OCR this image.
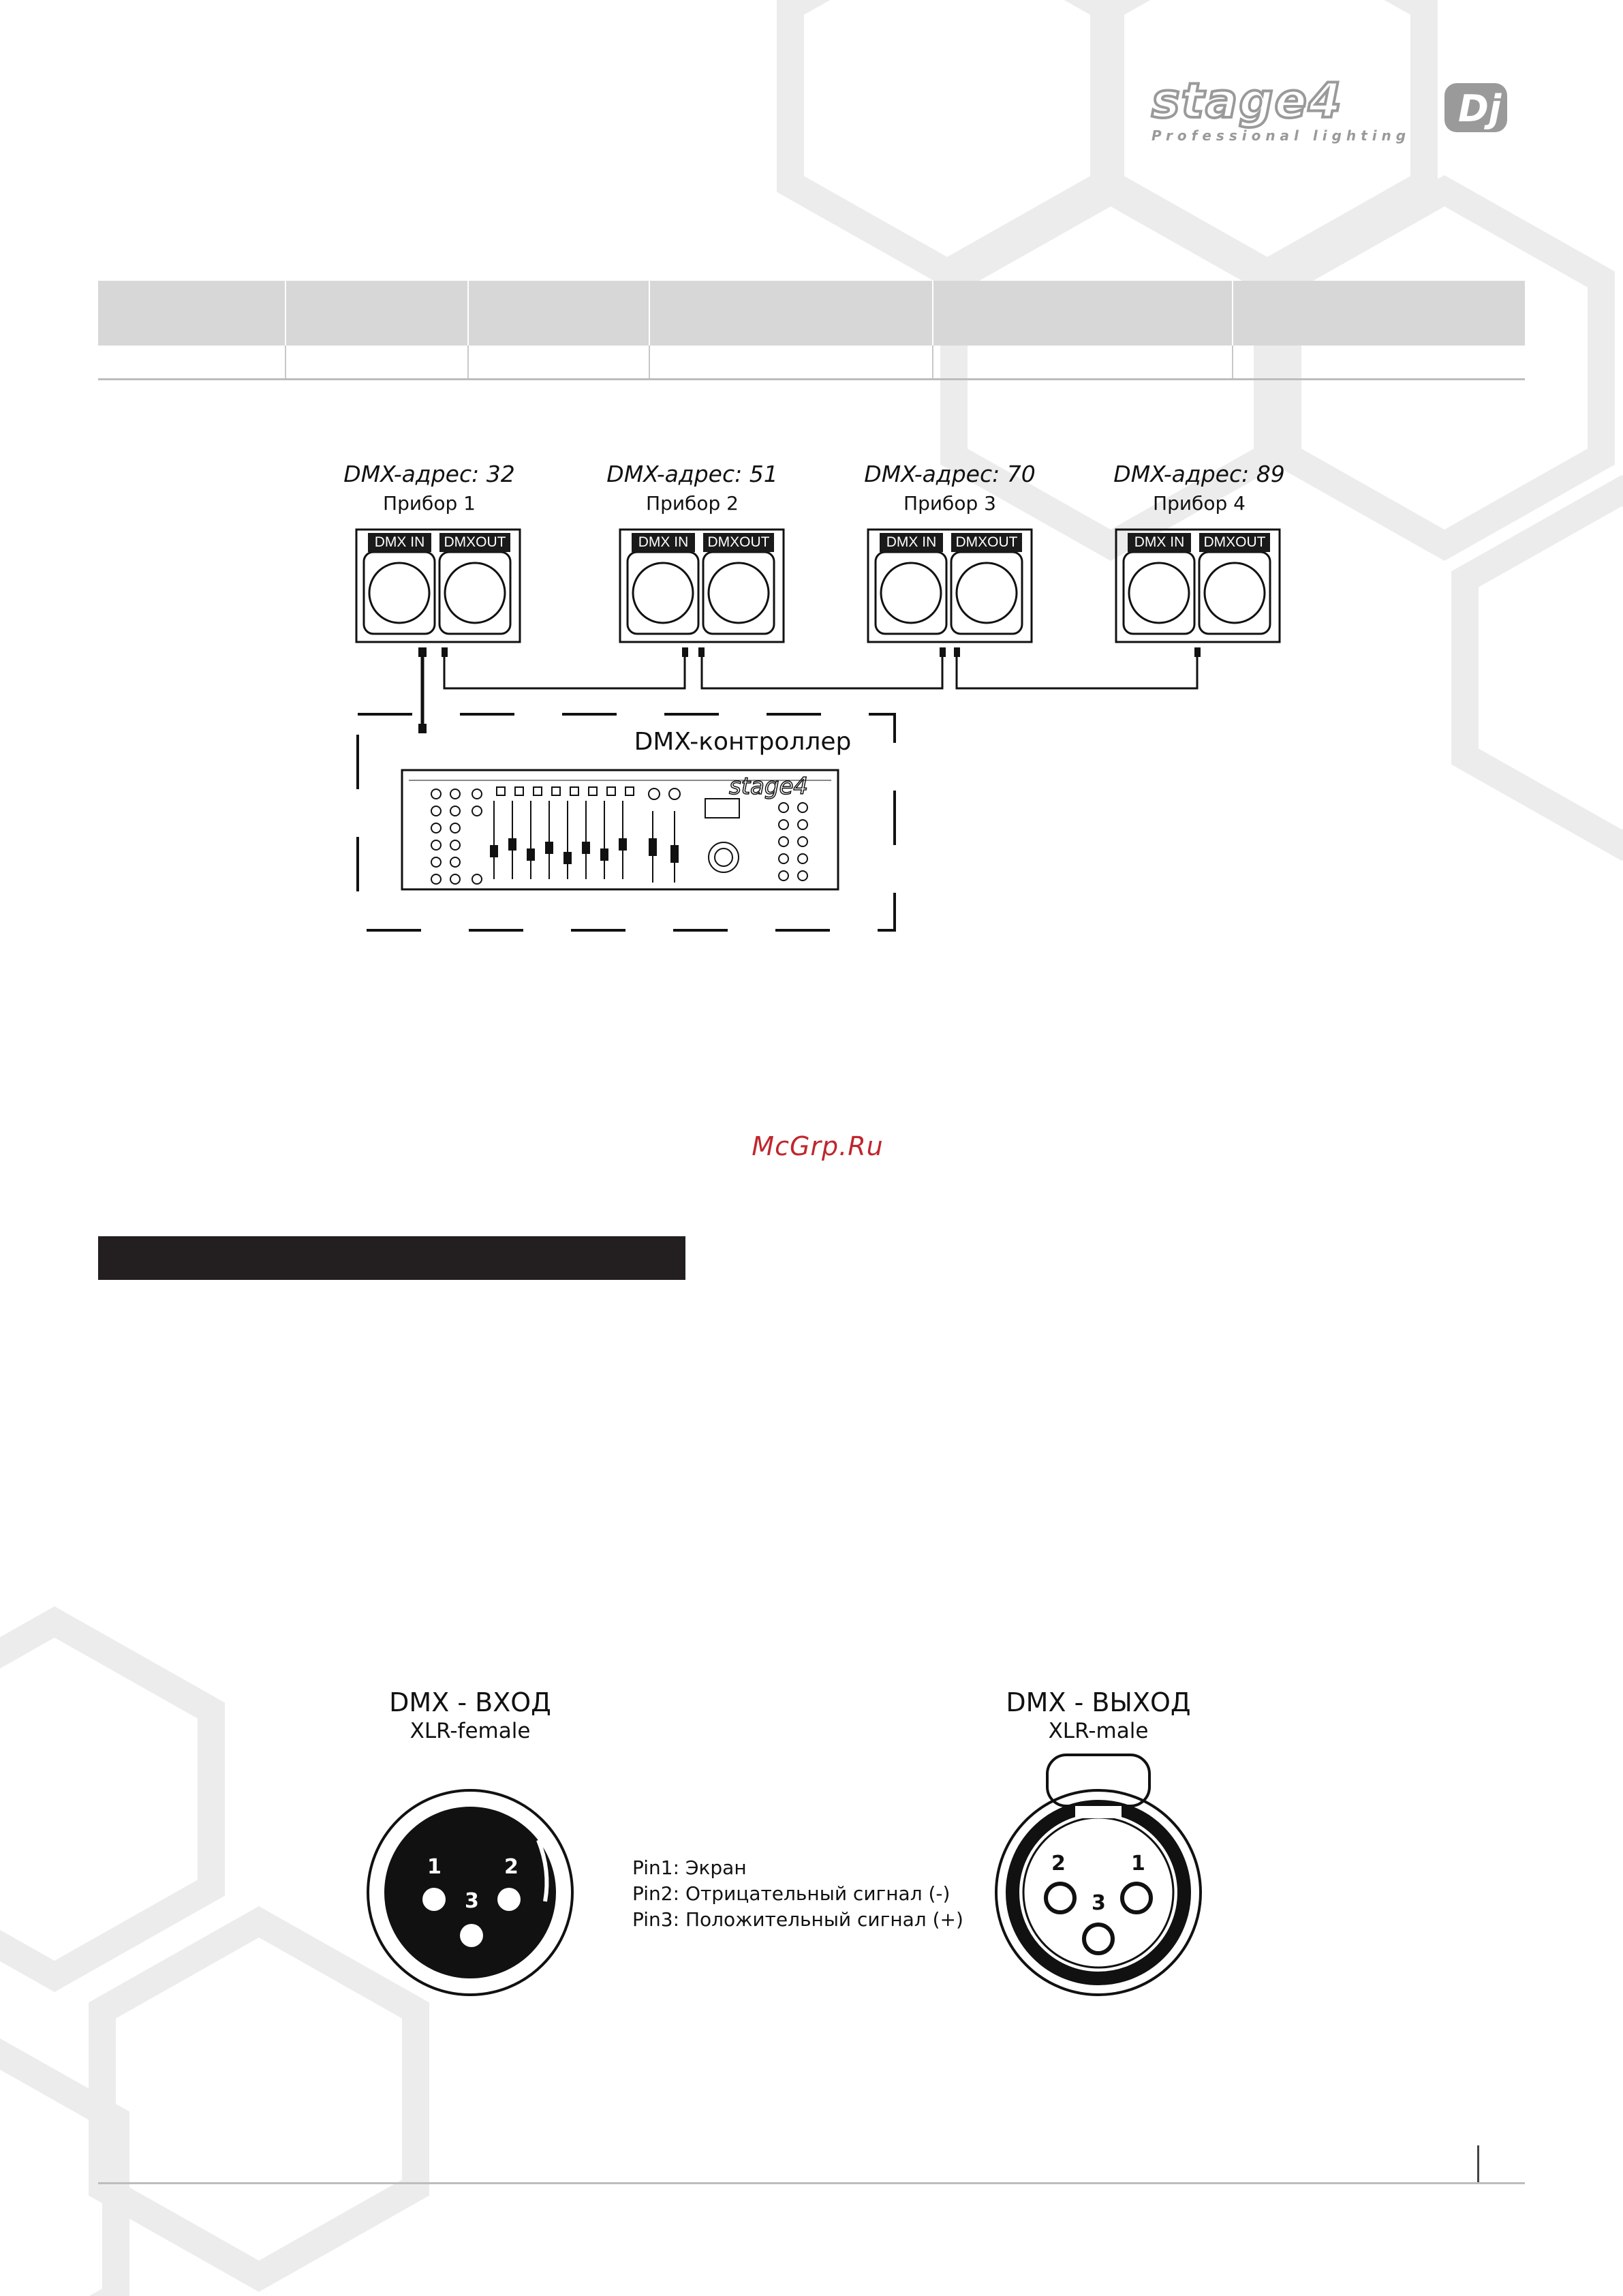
stage4	Dj
Professional lighting
DMX-адрес: 32
Прибор 1
DMX-адрес: 51
Прибор 2
DMX-адрес: 70
Прибор 3
DMX-адрес: 89
Прибор 4
stage4
DMX IN	DMXOUT	DMX IN	DMXOUT	DMX IN	DMXOUT	DMX IN	DMXOUT
DMX-контроллер
McGrp.Ru
DMX - ВХОД
XLR-female
DMX - ВЫХОД
XLR-male
1	2
3
2	1
3
Pin1: Экран
Pin2: Отрицательный сигнал (-)
Pin3: Положительный сигнал (+)
